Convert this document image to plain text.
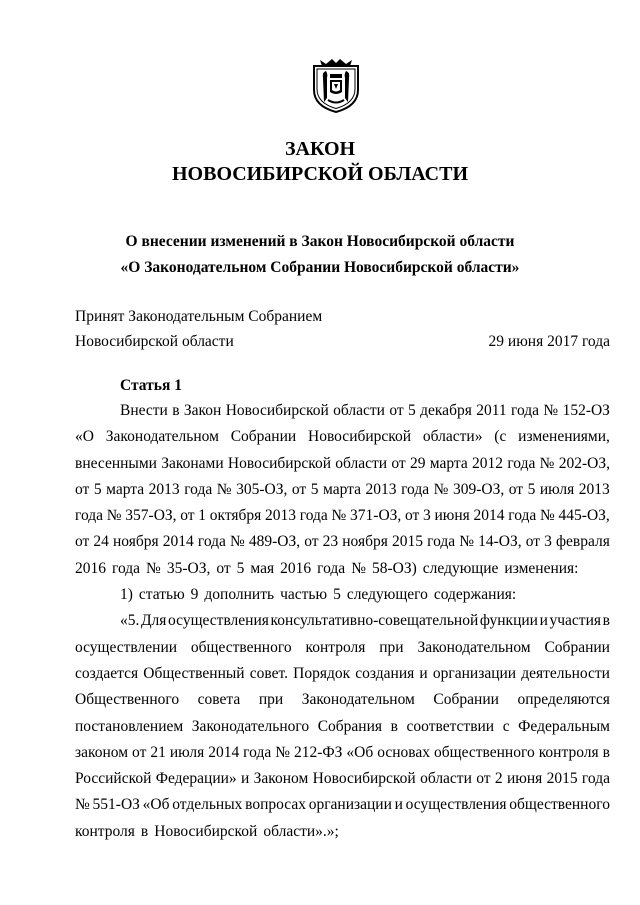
ЗАКОН
НОВОСИБИРСКОЙ ОБЛАСТИ
О внесении изменений в Закон Новосибирской области
«О Законодательном Собрании Новосибирской области»
Принят Законодательным Собранием
Новосибирской области	29 июня 2017 года
Статья 1
Внести в Закон Новосибирской области от 5 декабря 2011 года № 152-ОЗ
«О Законодательном Собрании Новосибирской области» (с изменениями,
внесенными Законами Новосибирской области от 29 марта 2012 года № 202-ОЗ,
от 5 марта 2013 года № 305-ОЗ, от 5 марта 2013 года № 309-ОЗ, от 5 июля 2013
года № 357-ОЗ, от 1 октября 2013 года № 371-ОЗ, от 3 июня 2014 года № 445-ОЗ,
от 24 ноября 2014 года № 489-ОЗ, от 23 ноября 2015 года № 14-ОЗ, от 3 февраля
2016 года № 35-ОЗ, от 5 мая 2016 года № 58-ОЗ) следующие изменения:
1) статью 9 дополнить частью 5 следующего содержания:
«5. Для осуществления консультативно-совещательной функции и участия в
осуществлении общественного контроля при Законодательном Собрании
создается Общественный совет. Порядок создания и организации деятельности
Общественного совета при Законодательном Собрании определяются
постановлением Законодательного Собрания в соответствии с Федеральным
законом от 21 июля 2014 года № 212-ФЗ «Об основах общественного контроля в
Российской Федерации» и Законом Новосибирской области от 2 июня 2015 года
№ 551-ОЗ «Об отдельных вопросах организации и осуществления общественного
контроля в Новосибирской области».»;
